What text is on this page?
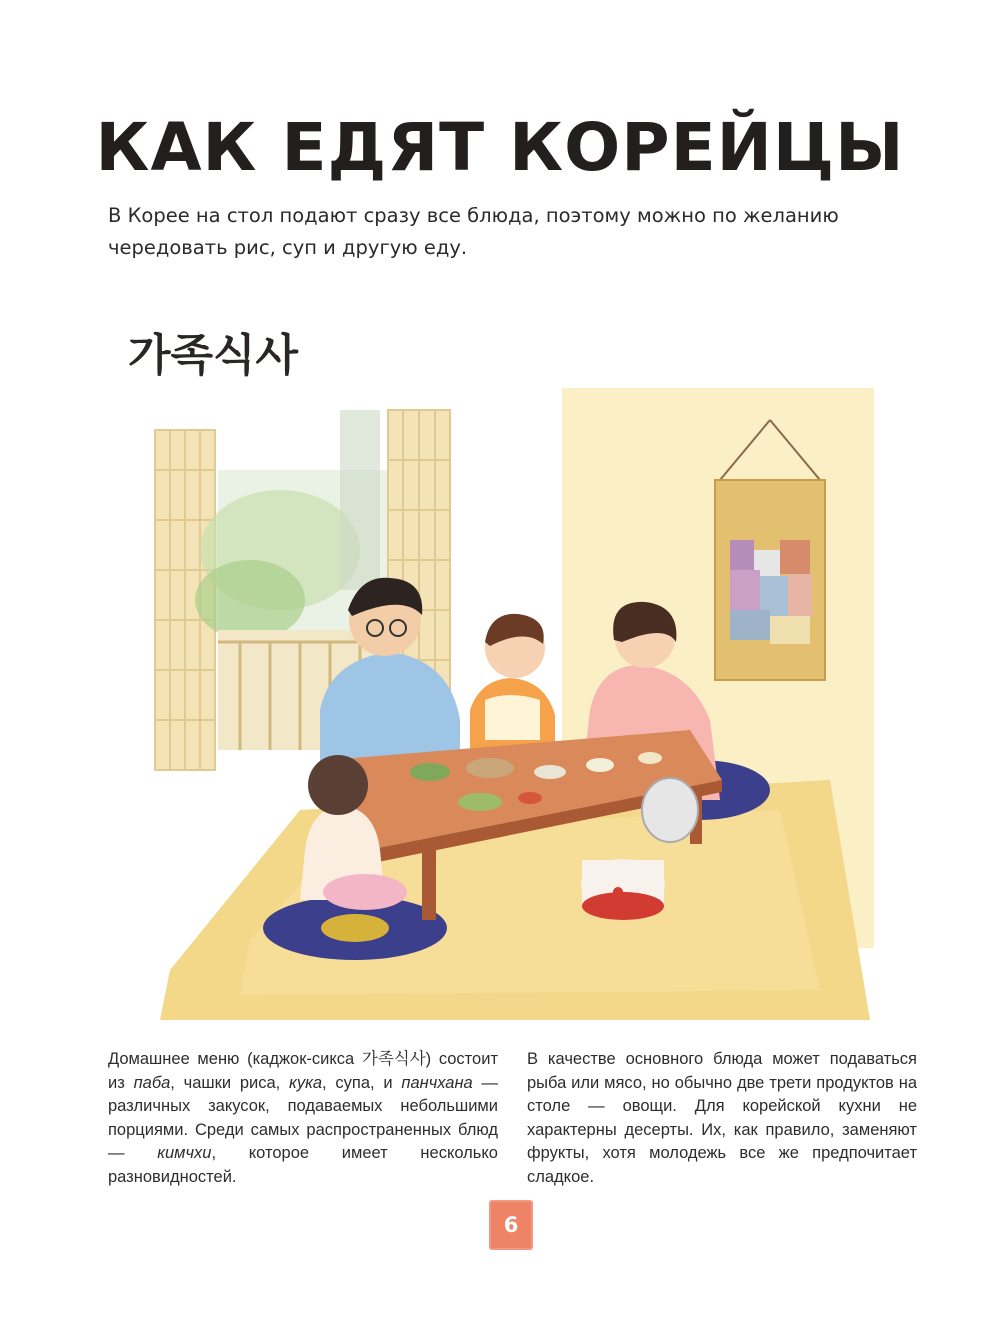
КАК ЕДЯТ КОРЕЙЦЫ

В Корее на стол подают сразу все блюда, поэтому можно по желанию чередовать рис, суп и другую еду.

가족식사
Домашнее меню (каджок-сикса 가족식사) состоит из паба, чашки риса, кука, супа, и панчхана — различных закусок, подаваемых небольшими порциями. Среди самых распространенных блюд — кимчхи, которое имеет несколько разновидностей.
В качестве основного блюда может подаваться рыба или мясо, но обычно две трети продуктов на столе — овощи. Для корейской кухни не характерны десерты. Их, как правило, заменяют фрукты, хотя молодежь все же предпочитает сладкое.
6
